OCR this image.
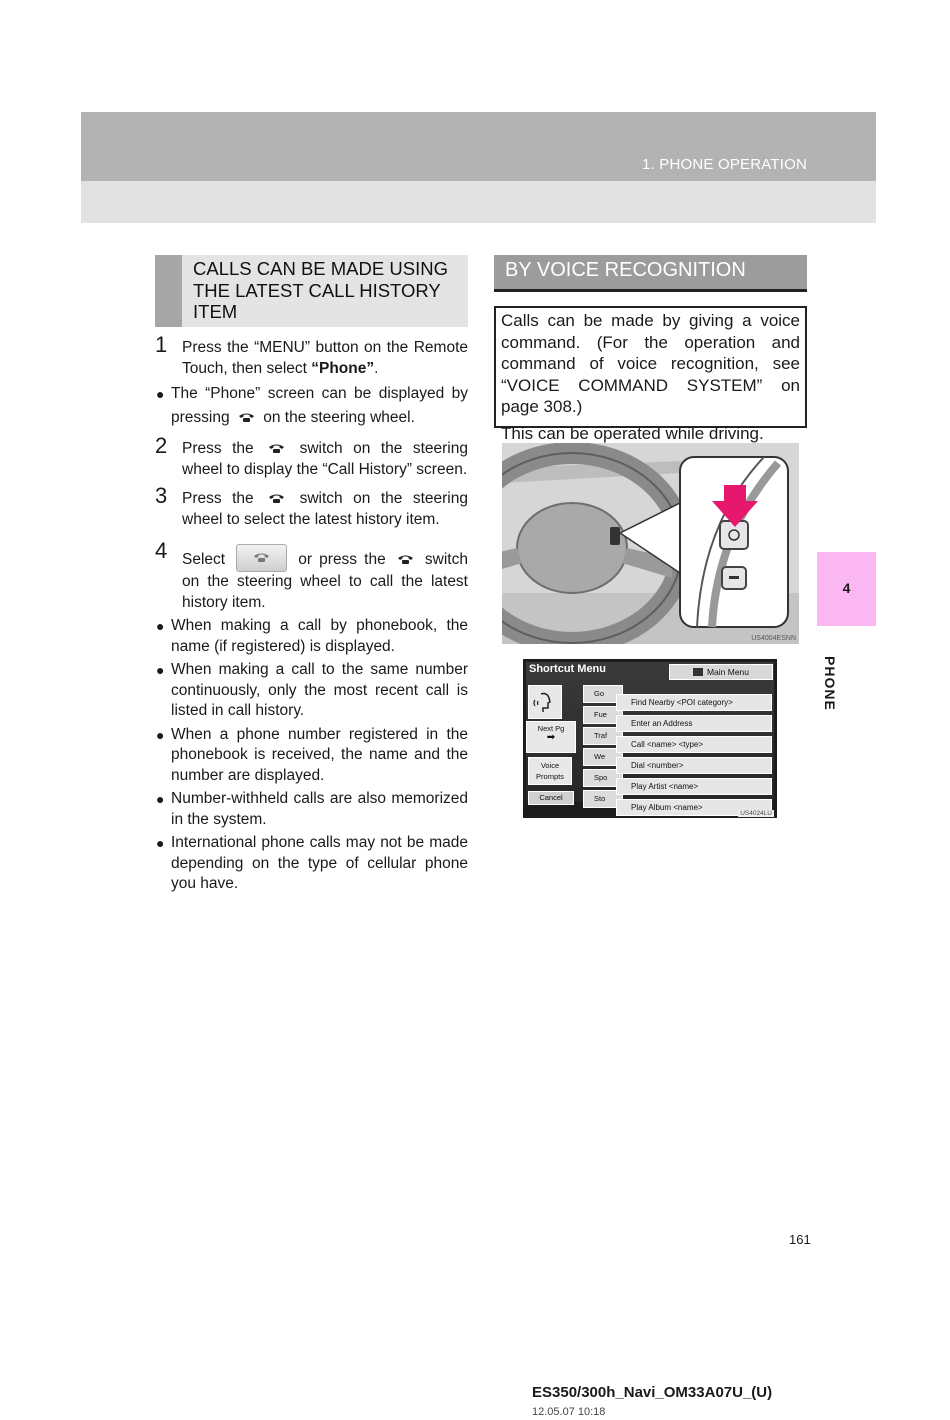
1. PHONE OPERATION
4
PHONE
CALLS CAN BE MADE USING THE LATEST CALL HISTORY ITEM
BY VOICE RECOGNITION
Calls can be made by giving a voice command. (For the operation and command of voice recognition, see “VOICE COMMAND SYSTEM” on page 308.)
This can be operated while driving.
1 Press the “MENU” button on the Remote Touch, then select “Phone”.
● The “Phone” screen can be displayed by pressing on the steering wheel.
2 Press the	switch on the steering wheel to display the “Call History” screen.
3 Press the	switch on the steering wheel to select the latest history item.
4 Select	or press the	switch on the steering wheel to call the latest history item.
● When making a call by phonebook, the name (if registered) is displayed.
● When making a call to the same number continuously, only the most recent call is listed in call history.
● When a phone number registered in the phonebook is received, the name and the number are displayed.
● Number-withheld calls are also memorized in the system.
● International phone calls may not be made depending on the type of cellular phone you have.
US4004ESNN
Shortcut Menu	Main Menu
Next Pg
➡
Voice Prompts
Cancel
Go
Fue
Traf
We
Spo
Sto
Find Nearby <POI category>
Enter an Address
Call <name> <type>
Dial <number>
Play Artist <name>
Play Album <name>
US4024LU
161
ES350/300h_Navi_OM33A07U_(U)
12.05.07 10:18
